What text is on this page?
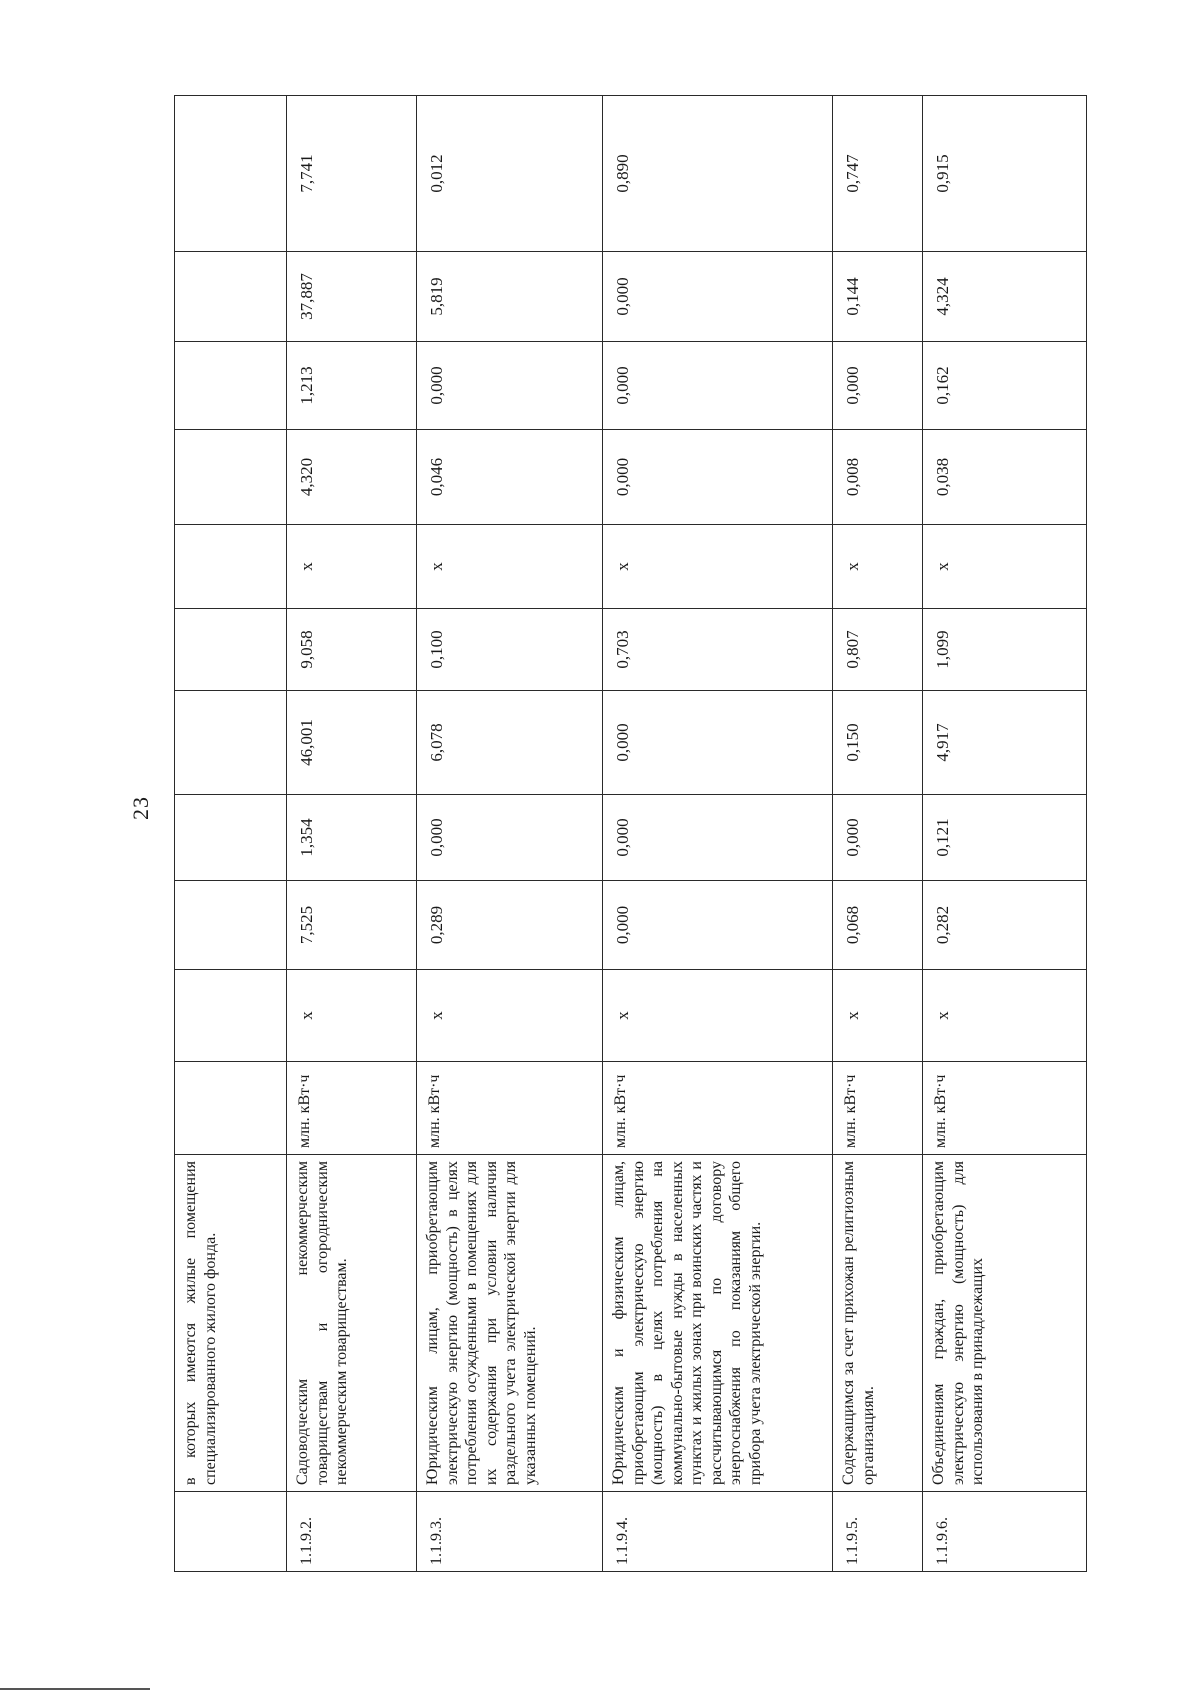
23
	в которых имеются жилые помещения специализированного жилого фонда.											
1.1.9.2.	Садоводческим некоммерческим товариществам и огородническим некоммерческим товариществам.	млн. кВт·ч	х	7,525	1,354	46,001	9,058	х	4,320	1,213	37,887	7,741
1.1.9.3.	Юридическим лицам, приобретающим электрическую энергию (мощность) в целях потребления осужденными в помещениях для их содержания при условии наличия раздельного учета электрической энергии для указанных помещений.	млн. кВт·ч	х	0,289	0,000	6,078	0,100	х	0,046	0,000	5,819	0,012
1.1.9.4.	Юридическим и физическим лицам, приобретающим электрическую энергию (мощность) в целях потребления на коммунально-бытовые нужды в населенных пунктах и жилых зонах при воинских частях и рассчитывающимся по договору энергоснабжения по показаниям общего прибора учета электрической энергии.	млн. кВт·ч	х	0,000	0,000	0,000	0,703	х	0,000	0,000	0,000	0,890
1.1.9.5.	Содержащимся за счет прихожан религиозным организациям.	млн. кВт·ч	х	0,068	0,000	0,150	0,807	х	0,008	0,000	0,144	0,747
1.1.9.6.	Объединениям граждан, приобретающим электрическую энергию (мощность) для использования в принадлежащих	млн. кВт·ч	х	0,282	0,121	4,917	1,099	х	0,038	0,162	4,324	0,915
